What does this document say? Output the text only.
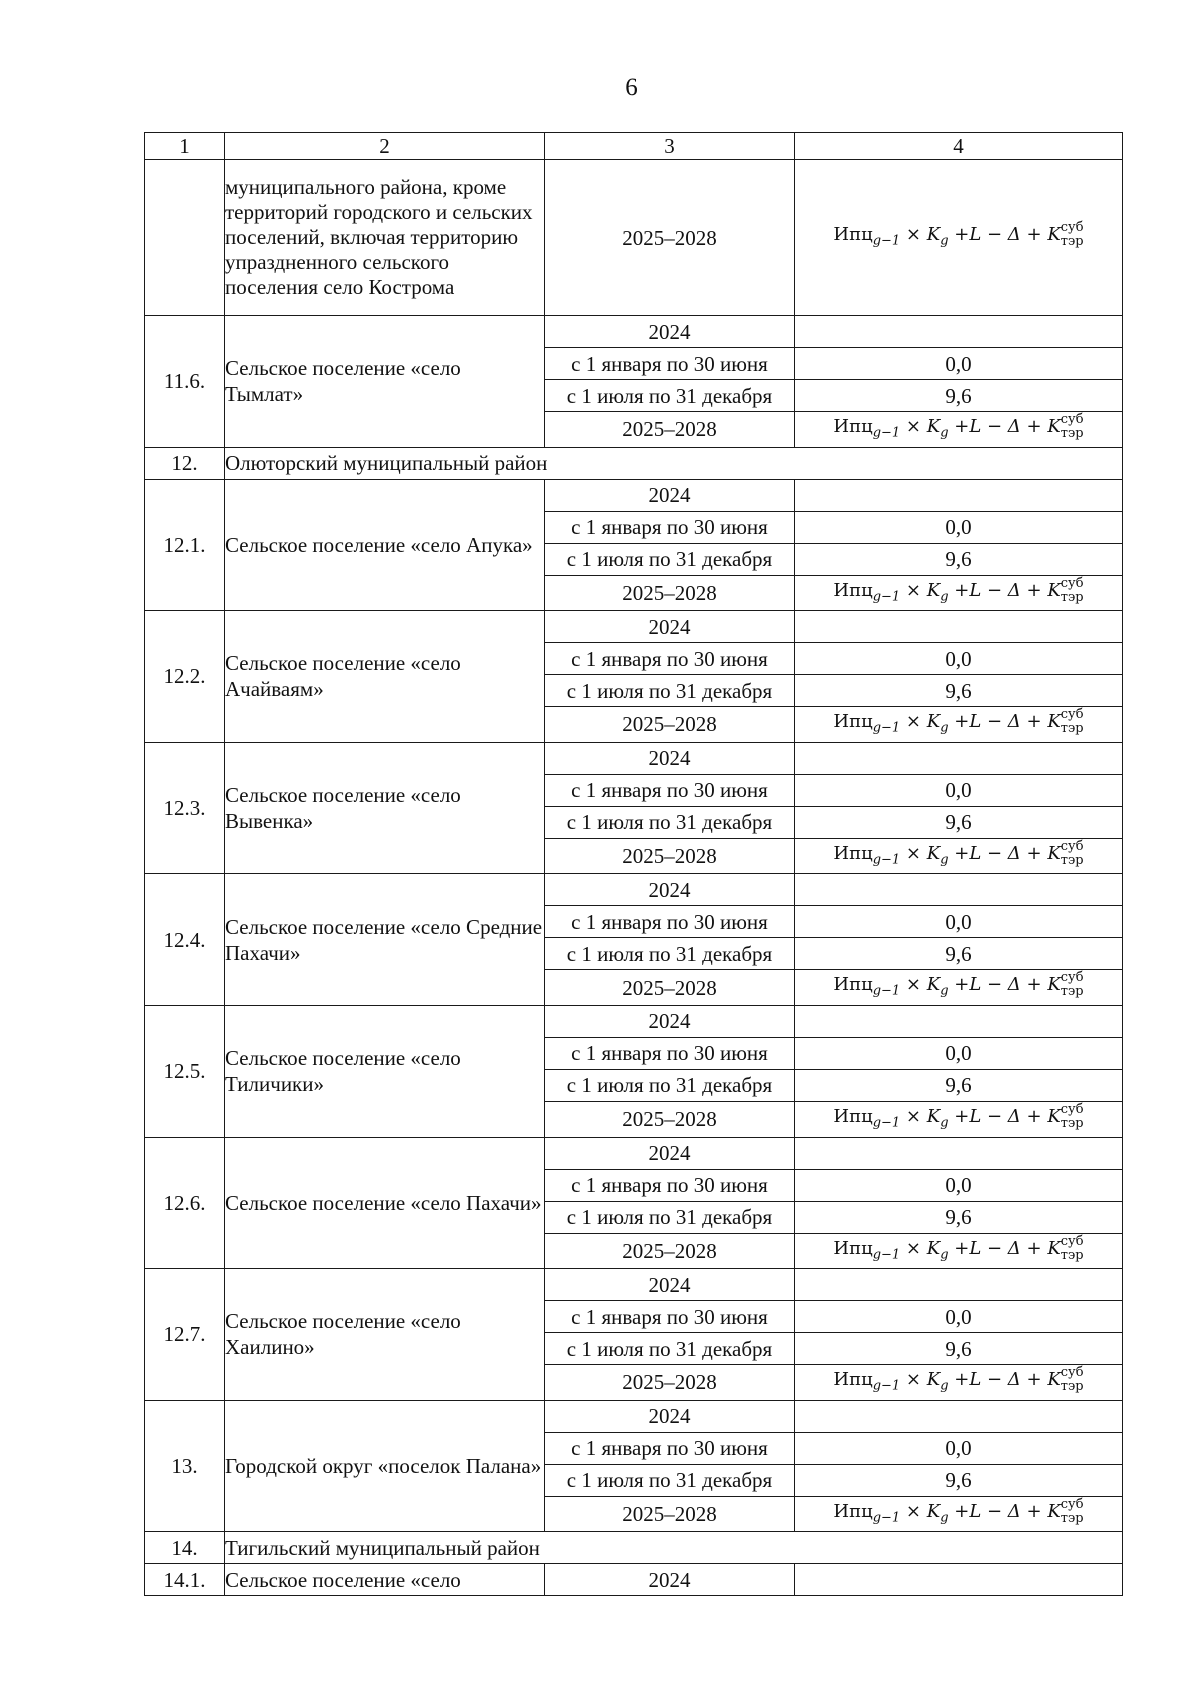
6
1	2	3	4
	муниципального района, кроме территорий городского и сельских поселений, включая территорию упраздненного сельского поселения село Кострома	2025–2028	$Ипц_{g-1} \times K_g +L - \Delta + K$ суб
тэр

11.6.	Сельское поселение «село Тымлат»	2024	
		с 1 января по 30 июня	0,0
		с 1 июля по 31 декабря	9,6
		2025–2028	$Ипц_{g-1} \times K_g +L - \Delta + K$ суб
тэр

12.	Олюторский муниципальный район		
12.1.	Сельское поселение «село Апука»	2024	
		с 1 января по 30 июня	0,0
		с 1 июля по 31 декабря	9,6
		2025–2028	$Ипц_{g-1} \times K_g +L - \Delta + K$ суб
тэр

12.2.	Сельское поселение «село Ачайваям»	2024	
		с 1 января по 30 июня	0,0
		с 1 июля по 31 декабря	9,6
		2025–2028	$Ипц_{g-1} \times K_g +L - \Delta + K$ суб
тэр

12.3.	Сельское поселение «село Вывенка»	2024	
		с 1 января по 30 июня	0,0
		с 1 июля по 31 декабря	9,6
		2025–2028	$Ипц_{g-1} \times K_g +L - \Delta + K$ суб
тэр

12.4.	Сельское поселение «село Средние Пахачи»	2024	
		с 1 января по 30 июня	0,0
		с 1 июля по 31 декабря	9,6
		2025–2028	$Ипц_{g-1} \times K_g +L - \Delta + K$ суб
тэр

12.5.	Сельское поселение «село Тиличики»	2024	
		с 1 января по 30 июня	0,0
		с 1 июля по 31 декабря	9,6
		2025–2028	$Ипц_{g-1} \times K_g +L - \Delta + K$ суб
тэр

12.6.	Сельское поселение «село Пахачи»	2024	
		с 1 января по 30 июня	0,0
		с 1 июля по 31 декабря	9,6
		2025–2028	$Ипц_{g-1} \times K_g +L - \Delta + K$ суб
тэр

12.7.	Сельское поселение «село Хаилино»	2024	
		с 1 января по 30 июня	0,0
		с 1 июля по 31 декабря	9,6
		2025–2028	$Ипц_{g-1} \times K_g +L - \Delta + K$ суб
тэр

13.	Городской округ «поселок Палана»	2024	
		с 1 января по 30 июня	0,0
		с 1 июля по 31 декабря	9,6
		2025–2028	$Ипц_{g-1} \times K_g +L - \Delta + K$ суб
тэр

14.	Тигильский муниципальный район		
14.1.	Сельское поселение «село	2024	
